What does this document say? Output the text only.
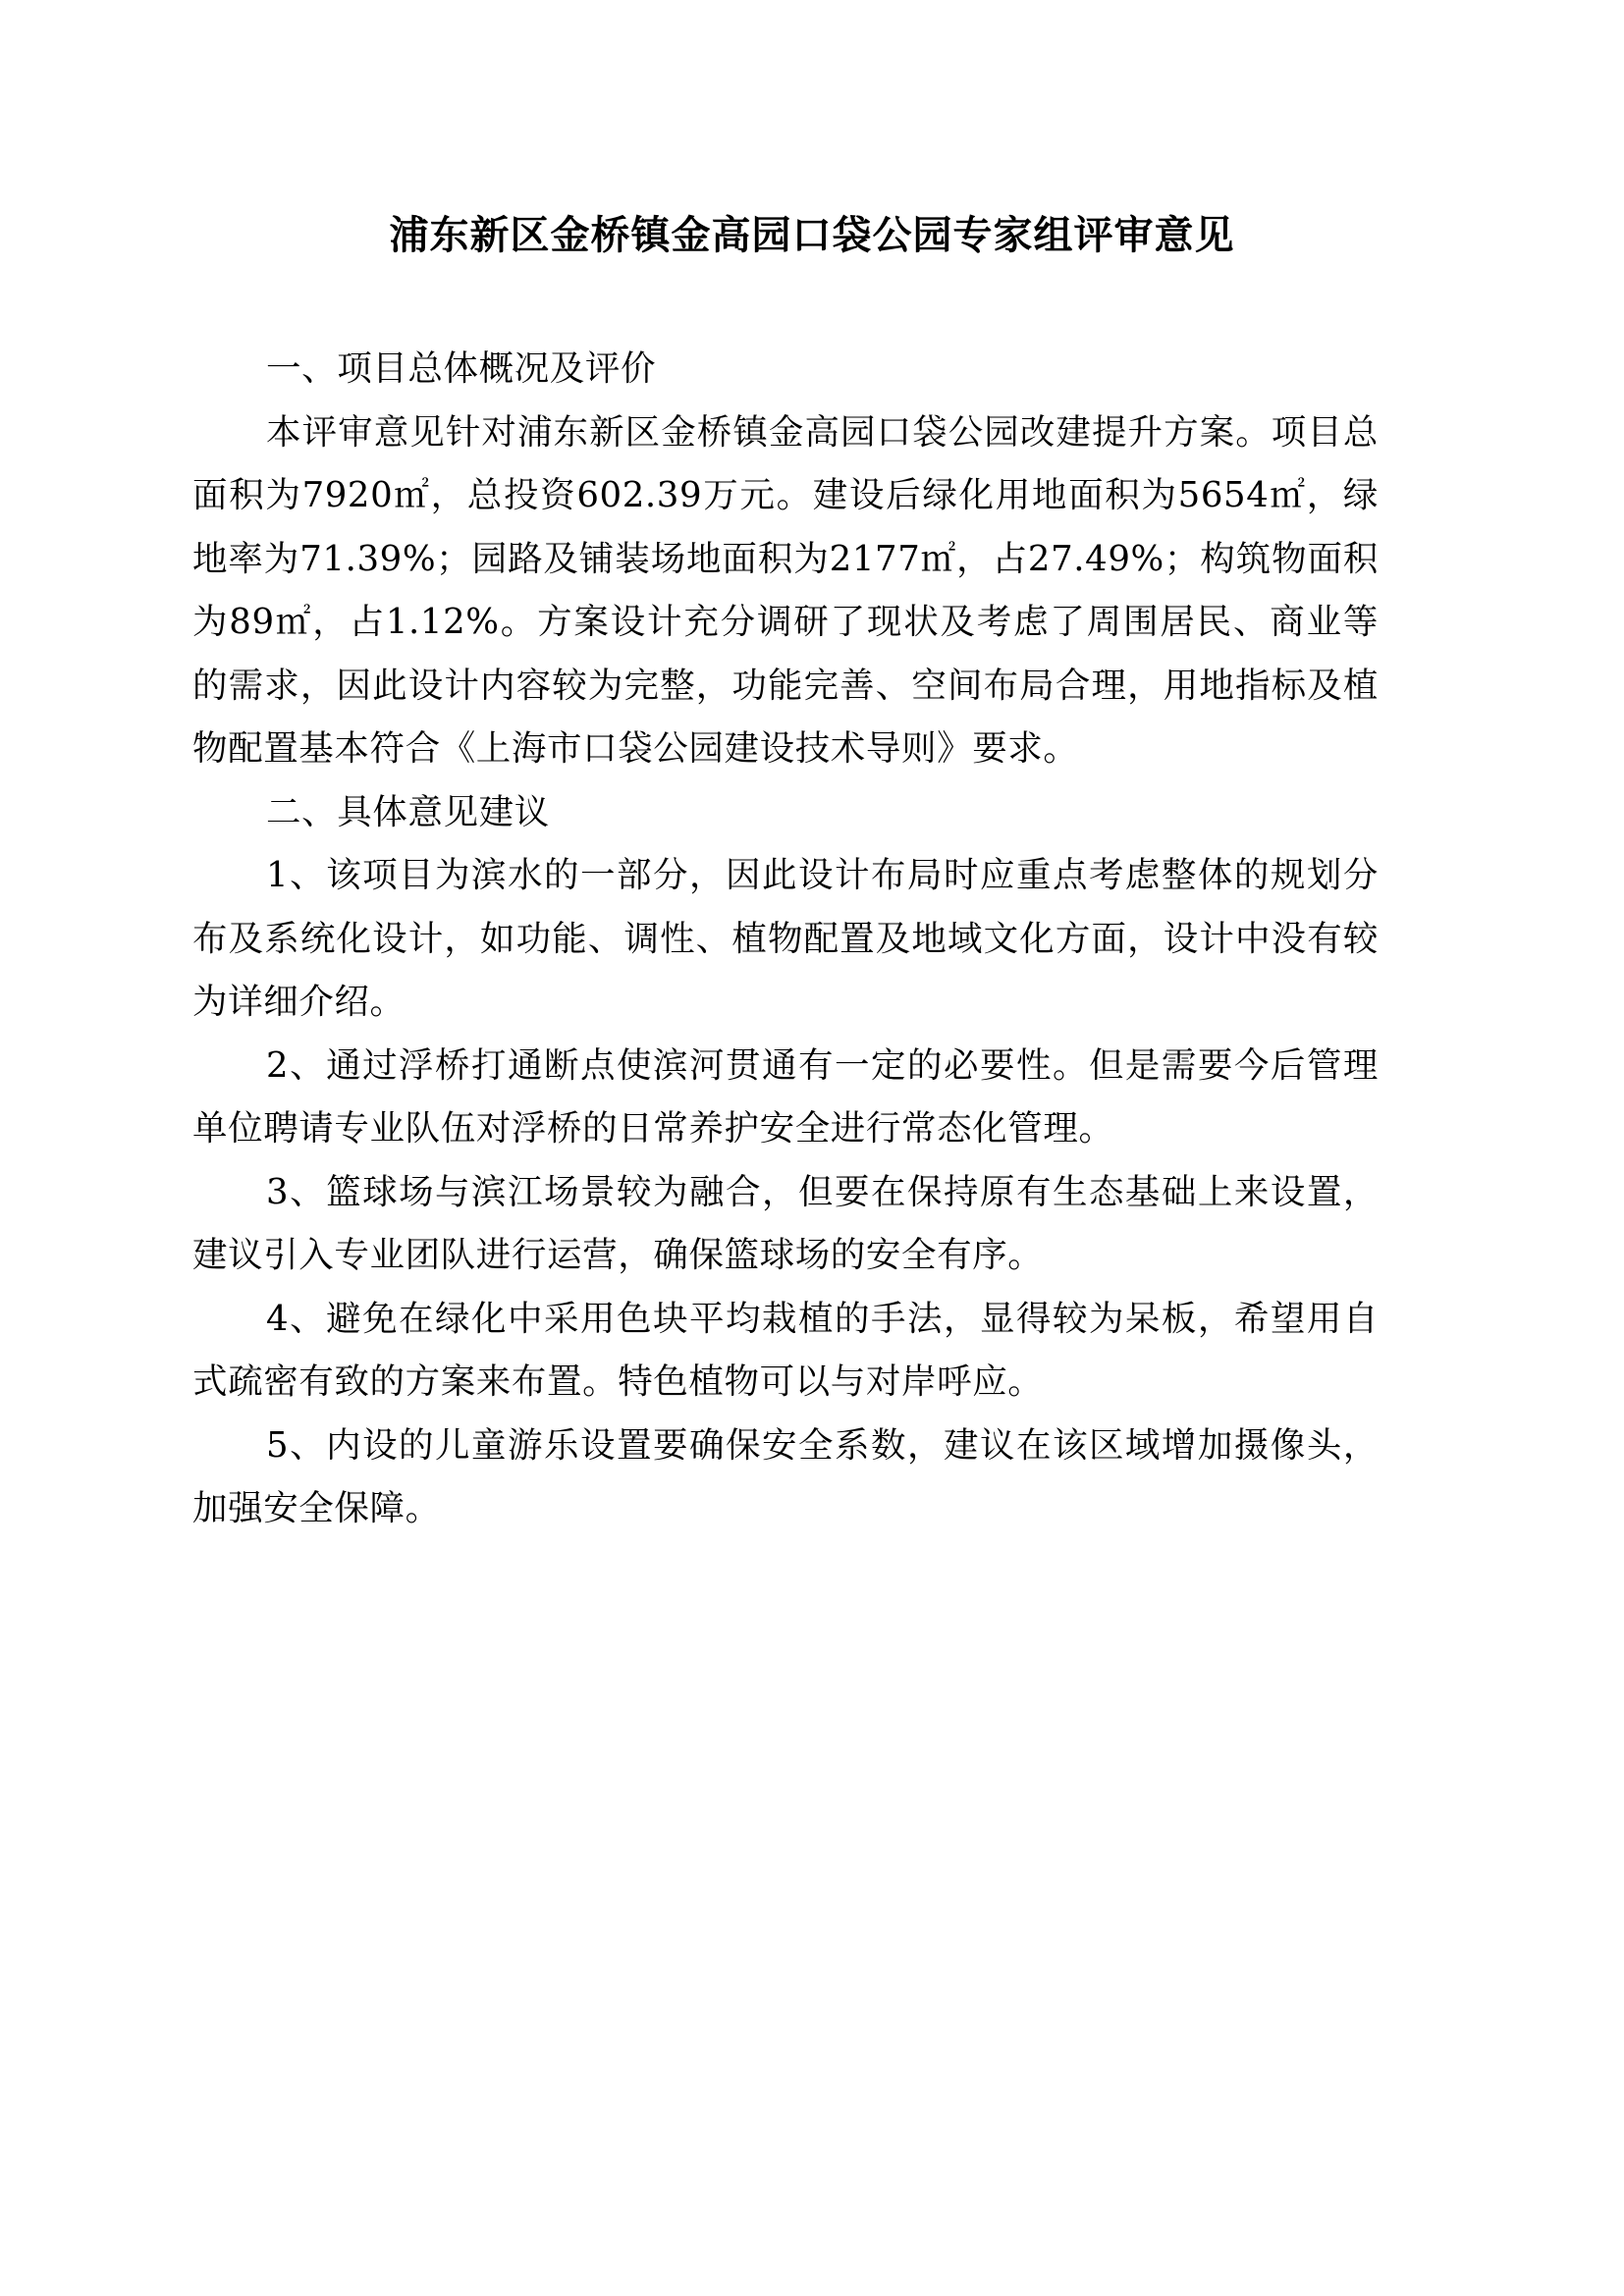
浦东新区金桥镇金高园口袋公园专家组评审意见

一、项目总体概况及评价

本评审意见针对浦东新区金桥镇金高园口袋公园改建提升方案。项目总面积为7920㎡，总投资602.39万元。建设后绿化用地面积为5654㎡，绿地率为71.39%；园路及铺装场地面积为2177㎡，占27.49%；构筑物面积为89㎡，占1.12%。方案设计充分调研了现状及考虑了周围居民、商业等的需求，因此设计内容较为完整，功能完善、空间布局合理，用地指标及植物配置基本符合《上海市口袋公园建设技术导则》要求。

二、具体意见建议

1、该项目为滨水的一部分，因此设计布局时应重点考虑整体的规划分布及系统化设计，如功能、调性、植物配置及地域文化方面，设计中没有较为详细介绍。

2、通过浮桥打通断点使滨河贯通有一定的必要性。但是需要今后管理单位聘请专业队伍对浮桥的日常养护安全进行常态化管理。

3、篮球场与滨江场景较为融合，但要在保持原有生态基础上来设置，建议引入专业团队进行运营，确保篮球场的安全有序。

4、避免在绿化中采用色块平均栽植的手法，显得较为呆板，希望用自式疏密有致的方案来布置。特色植物可以与对岸呼应。

5、内设的儿童游乐设置要确保安全系数，建议在该区域增加摄像头，加强安全保障。
